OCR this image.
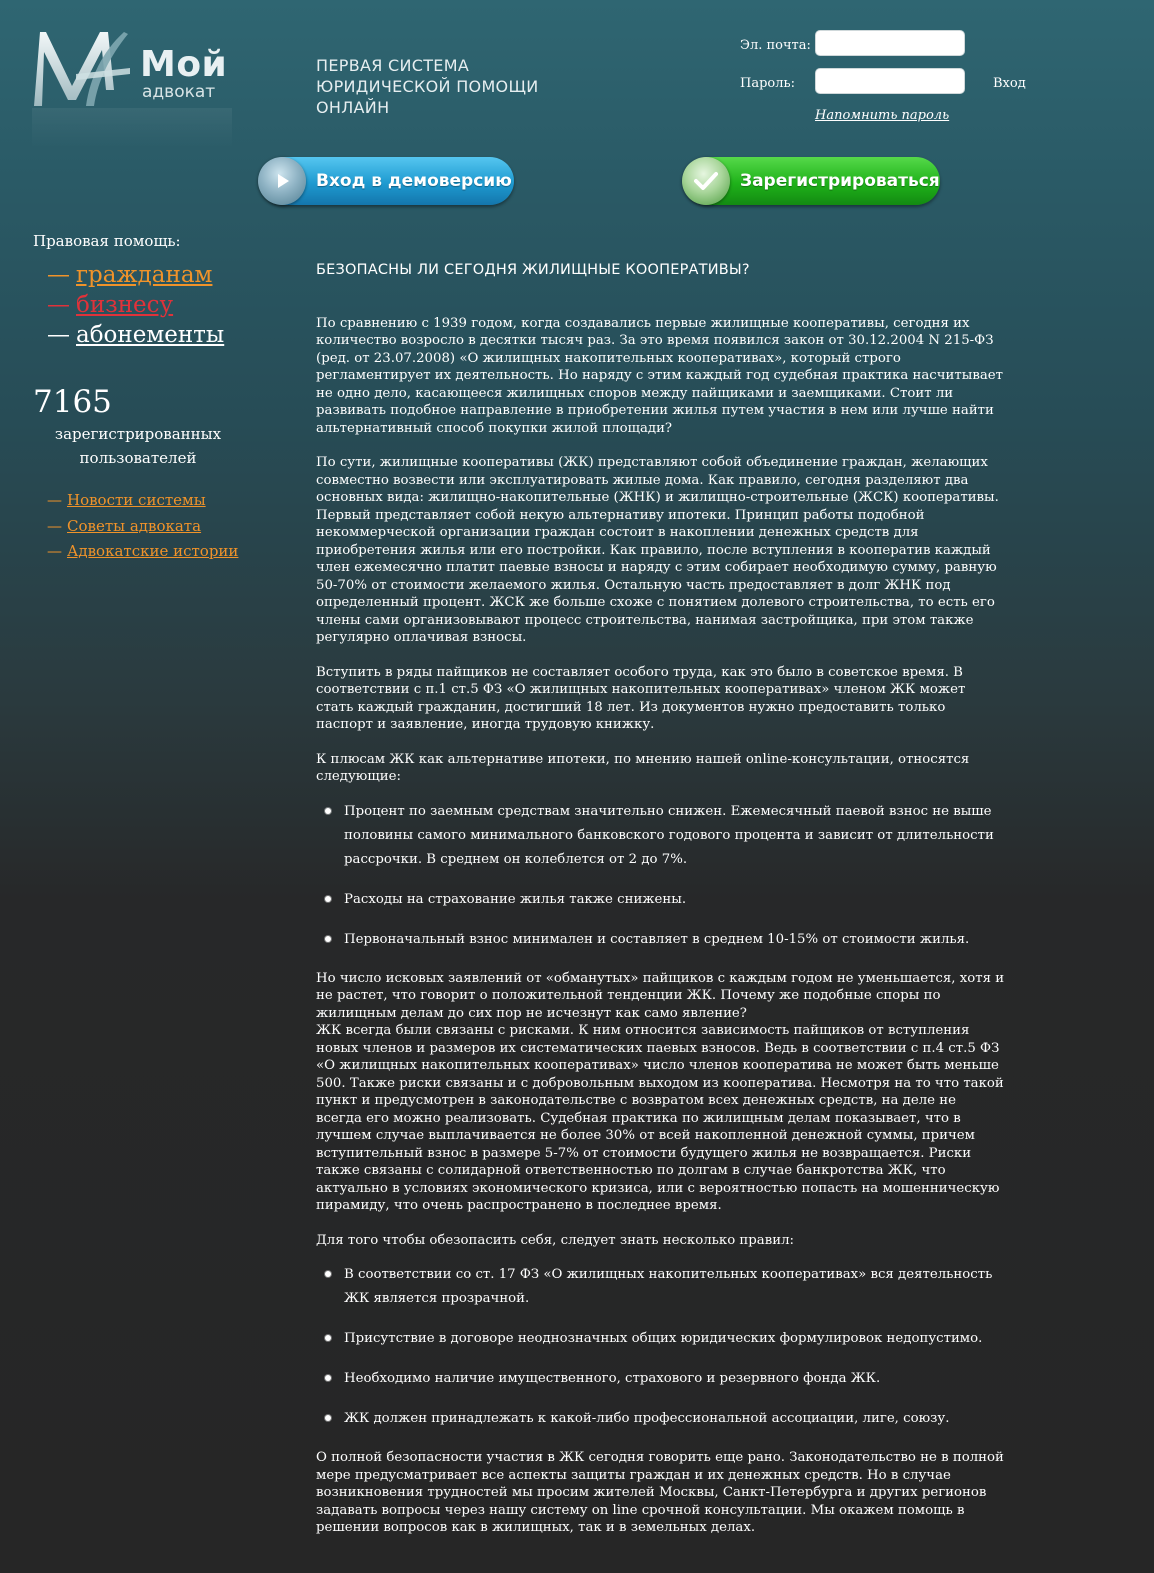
Мой
адвокат
ПЕРВАЯ СИСТЕМА
ЮРИДИЧЕСКОЙ ПОМОЩИ
ОНЛАЙН
Эл. почта:
Пароль:	Вход
Напомнить пароль
Вход в демоверсию	Зарегистрироваться
Правовая помощь:
— гражданам
— бизнесу
— абонементы
7165
зарегистрированных
пользователей
— Новости системы
— Советы адвоката
— Адвокатские истории
БЕЗОПАСНЫ ЛИ СЕГОДНЯ ЖИЛИЩНЫЕ КООПЕРАТИВЫ?

По сравнению с 1939 годом, когда создавались первые жилищные кооперативы, сегодня их количество возросло в десятки тысяч раз. За это время появился закон от 30.12.2004 N 215-ФЗ (ред. от 23.07.2008) «О жилищных накопительных кооперативах», который строго регламентирует их деятельность. Но наряду с этим каждый год судебная практика насчитывает не одно дело, касающееся жилищных споров между пайщиками и заемщиками. Стоит ли развивать подобное направление в приобретении жилья путем участия в нем или лучше найти альтернативный способ покупки жилой площади?

По сути, жилищные кооперативы (ЖК) представляют собой объединение граждан, желающих совместно возвести или эксплуатировать жилые дома. Как правило, сегодня разделяют два основных вида: жилищно-накопительные (ЖНК) и жилищно-строительные (ЖСК) кооперативы. Первый представляет собой некую альтернативу ипотеки. Принцип работы подобной некоммерческой организации граждан состоит в накоплении денежных средств для приобретения жилья или его постройки. Как правило, после вступления в кооператив каждый член ежемесячно платит паевые взносы и наряду с этим собирает необходимую сумму, равную 50-70% от стоимости желаемого жилья. Остальную часть предоставляет в долг ЖНК под определенный процент. ЖСК же больше схоже с понятием долевого строительства, то есть его члены сами организовывают процесс строительства, нанимая застройщика, при этом также регулярно оплачивая взносы.

Вступить в ряды пайщиков не составляет особого труда, как это было в советское время. В соответствии с п.1 ст.5 ФЗ «О жилищных накопительных кооперативах» членом ЖК может стать каждый гражданин, достигший 18 лет. Из документов нужно предоставить только паспорт и заявление, иногда трудовую книжку.

К плюсам ЖК как альтернативе ипотеки, по мнению нашей online-консультации, относятся следующие:

Процент по заемным средствам значительно снижен. Ежемесячный паевой взнос не выше половины самого минимального банковского годового процента и зависит от длительности рассрочки. В среднем он колеблется от 2 до 7%.
Расходы на страхование жилья также снижены.
Первоначальный взнос минимален и составляет в среднем 10-15% от стоимости жилья.

Но число исковых заявлений от «обманутых» пайщиков с каждым годом не уменьшается, хотя и не растет, что говорит о положительной тенденции ЖК. Почему же подобные споры по жилищным делам до сих пор не исчезнут как само явление?

ЖК всегда были связаны с рисками. К ним относится зависимость пайщиков от вступления новых членов и размеров их систематических паевых взносов. Ведь в соответствии с п.4 ст.5 ФЗ «О жилищных накопительных кооперативах» число членов кооператива не может быть меньше 500. Также риски связаны и с добровольным выходом из кооператива. Несмотря на то что такой пункт и предусмотрен в законодательстве с возвратом всех денежных средств, на деле не всегда его можно реализовать. Судебная практика по жилищным делам показывает, что в лучшем случае выплачивается не более 30% от всей накопленной денежной суммы, причем вступительный взнос в размере 5-7% от стоимости будущего жилья не возвращается. Риски также связаны с солидарной ответственностью по долгам в случае банкротства ЖК, что актуально в условиях экономического кризиса, или с вероятностью попасть на мошенническую пирамиду, что очень распространено в последнее время.

Для того чтобы обезопасить себя, следует знать несколько правил:

В соответствии со ст. 17 ФЗ «О жилищных накопительных кооперативах» вся деятельность ЖК является прозрачной.
Присутствие в договоре неоднозначных общих юридических формулировок недопустимо.
Необходимо наличие имущественного, страхового и резервного фонда ЖК.
ЖК должен принадлежать к какой-либо профессиональной ассоциации, лиге, союзу.

О полной безопасности участия в ЖК сегодня говорить еще рано. Законодательство не в полной мере предусматривает все аспекты защиты граждан и их денежных средств. Но в случае возникновения трудностей мы просим жителей Москвы, Санкт-Петербурга и других регионов задавать вопросы через нашу систему on line срочной консультации. Мы окажем помощь в решении вопросов как в жилищных, так и в земельных делах.
